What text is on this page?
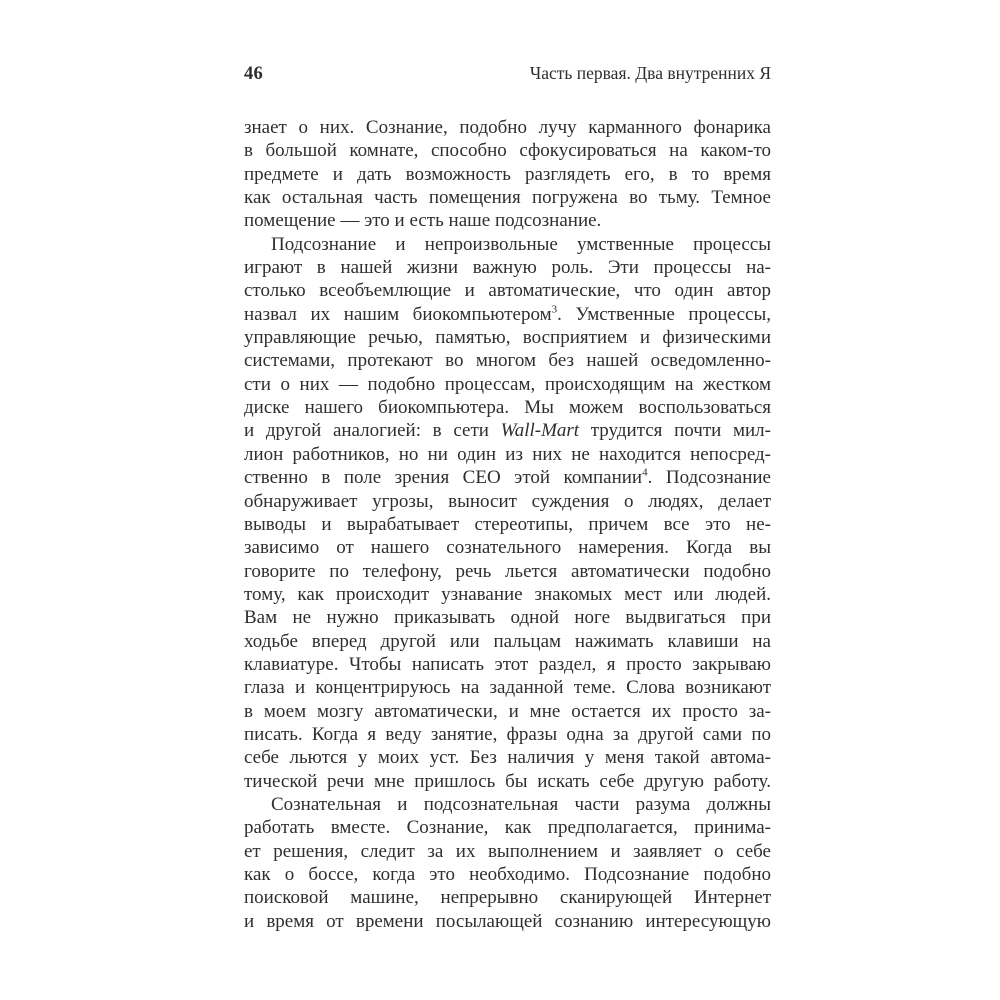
46	Часть первая. Два внутренних Я
знает о них. Сознание, подобно лучу карманного фонарика
в большой комнате, способно сфокусироваться на каком-то
предмете и дать возможность разглядеть его, в то время
как остальная часть помещения погружена во тьму. Темное
помещение — это и есть наше подсознание.
Подсознание и непроизвольные умственные процессы
играют в нашей жизни важную роль. Эти процессы на-
столько всеобъемлющие и автоматические, что один автор
назвал их нашим биокомпьютером$^3$. Умственные процессы,
управляющие речью, памятью, восприятием и физическими
системами, протекают во многом без нашей осведомленно-
сти о них — подобно процессам, происходящим на жестком
диске нашего биокомпьютера. Мы можем воспользоваться
и другой аналогией: в сети Wall-Mart трудится почти мил-
лион работников, но ни один из них не находится непосред-
ственно в поле зрения CEO этой компании$^4$. Подсознание
обнаруживает угрозы, выносит суждения о людях, делает
выводы и вырабатывает стереотипы, причем все это не-
зависимо от нашего сознательного намерения. Когда вы
говорите по телефону, речь льется автоматически подобно
тому, как происходит узнавание знакомых мест или людей.
Вам не нужно приказывать одной ноге выдвигаться при
ходьбе вперед другой или пальцам нажимать клавиши на
клавиатуре. Чтобы написать этот раздел, я просто закрываю
глаза и концентрируюсь на заданной теме. Слова возникают
в моем мозгу автоматически, и мне остается их просто за-
писать. Когда я веду занятие, фразы одна за другой сами по
себе льются у моих уст. Без наличия у меня такой автома-
тической речи мне пришлось бы искать себе другую работу.
Сознательная и подсознательная части разума должны
работать вместе. Сознание, как предполагается, принима-
ет решения, следит за их выполнением и заявляет о себе
как о боссе, когда это необходимо. Подсознание подобно
поисковой машине, непрерывно сканирующей Интернет
и время от времени посылающей сознанию интересующую
